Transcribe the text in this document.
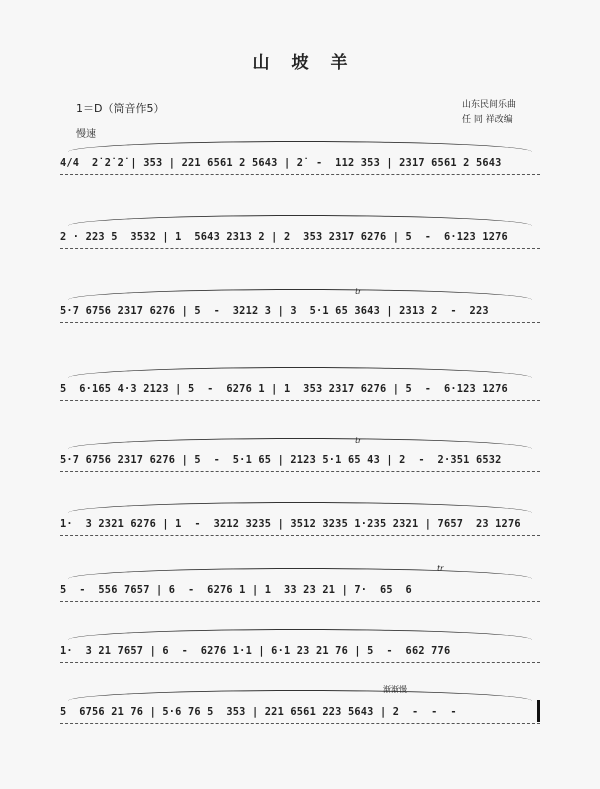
山坡羊
1＝D（筒音作5）
慢速
山东民间乐曲
任 同 祥改编
4/4  2̇ 2̇ 2̇ | 353 | 221 6561 2 5643 | 2̇  -  112 353 | 2317 6561 2 5643
2 · 223 5  3532 | 1  5643 2313 2 | 2  353 2317 6276 | 5  -  6·123 1276
tr
5·7 6756 2317 6276 | 5  -  3212 3 | 3  5·1 65 3643 | 2313 2  -  223
5  6·165 4·3 2123 | 5  -  6276 1 | 1  353 2317 6276 | 5  -  6·123 1276
tr
5·7 6756 2317 6276 | 5  -  5·1 65 | 2123 5·1 65 43 | 2  -  2·351 6532
1·  3 2321 6276 | 1  -  3212 3235 | 3512 3235 1·235 2321 | 7657  23 1276
tr
5  -  556 7657 | 6  -  6276 1 | 1  33 23 21 | 7·  65  6
1·  3 21 7657 | 6  -  6276 1·1 | 6·1 23 21 76 | 5  -  662 776
渐渐慢
5  6756 21 76 | 5·6 76 5  353 | 221 6561 223 5643 | 2  -  -  -
